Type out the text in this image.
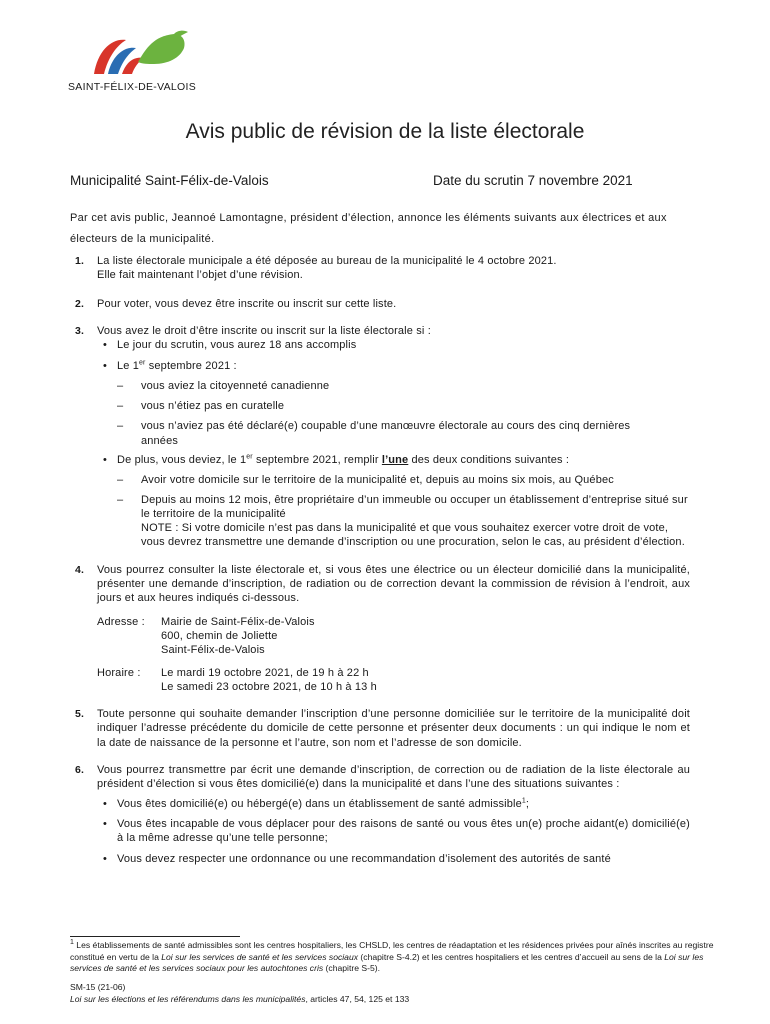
SAINT-FÉLIX-DE-VALOIS
Avis public de révision de la liste électorale
Municipalité Saint-Félix-de-Valois	Date du scrutin 7 novembre 2021
Par cet avis public, Jeannoé Lamontagne, président d’élection, annonce les éléments suivants aux électrices et aux électeurs de la municipalité.
1. La liste électorale municipale a été déposée au bureau de la municipalité le 4 octobre 2021.
Elle fait maintenant l’objet d’une révision.
2. Pour voter, vous devez être inscrite ou inscrit sur cette liste.
3. Vous avez le droit d’être inscrite ou inscrit sur la liste électorale si :
• Le jour du scrutin, vous aurez 18 ans accomplis
• Le 1er septembre 2021 :
– vous aviez la citoyenneté canadienne
– vous n’étiez pas en curatelle
– vous n’aviez pas été déclaré(e) coupable d’une manœuvre électorale au cours des cinq dernières années
• De plus, vous deviez, le 1er septembre 2021, remplir l’une des deux conditions suivantes :
– Avoir votre domicile sur le territoire de la municipalité et, depuis au moins six mois, au Québec
– Depuis au moins 12 mois, être propriétaire d’un immeuble ou occuper un établissement d’entreprise situé sur le territoire de la municipalité
NOTE : Si votre domicile n’est pas dans la municipalité et que vous souhaitez exercer votre droit de vote, vous devrez transmettre une demande d’inscription ou une procuration, selon le cas, au président d’élection.
4. Vous pourrez consulter la liste électorale et, si vous êtes une électrice ou un électeur domicilié dans la municipalité, présenter une demande d’inscription, de radiation ou de correction devant la commission de révision à l’endroit, aux jours et aux heures indiqués ci-dessous.
Adresse :	Mairie de Saint-Félix-de-Valois
600, chemin de Joliette
Saint-Félix-de-Valois
Horaire :	Le mardi 19 octobre 2021, de 19 h à 22 h
Le samedi 23 octobre 2021, de 10 h à 13 h
5. Toute personne qui souhaite demander l’inscription d’une personne domiciliée sur le territoire de la municipalité doit indiquer l’adresse précédente du domicile de cette personne et présenter deux documents : un qui indique le nom et la date de naissance de la personne et l’autre, son nom et l’adresse de son domicile.
6. Vous pourrez transmettre par écrit une demande d’inscription, de correction ou de radiation de la liste électorale au président d’élection si vous êtes domicilié(e) dans la municipalité et dans l’une des situations suivantes :
• Vous êtes domicilié(e) ou hébergé(e) dans un établissement de santé admissible$^1$;
• Vous êtes incapable de vous déplacer pour des raisons de santé ou vous êtes un(e) proche aidant(e) domicilié(e) à la même adresse qu’une telle personne;
• Vous devez respecter une ordonnance ou une recommandation d’isolement des autorités de santé
$^1$ Les établissements de santé admissibles sont les centres hospitaliers, les CHSLD, les centres de réadaptation et les résidences privées pour aînés inscrites au registre constitué en vertu de la Loi sur les services de santé et les services sociaux (chapitre S-4.2) et les centres hospitaliers et les centres d’accueil au sens de la Loi sur les services de santé et les services sociaux pour les autochtones cris (chapitre S-5).
SM-15 (21-06)
Loi sur les élections et les référendums dans les municipalités, articles 47, 54, 125 et 133
